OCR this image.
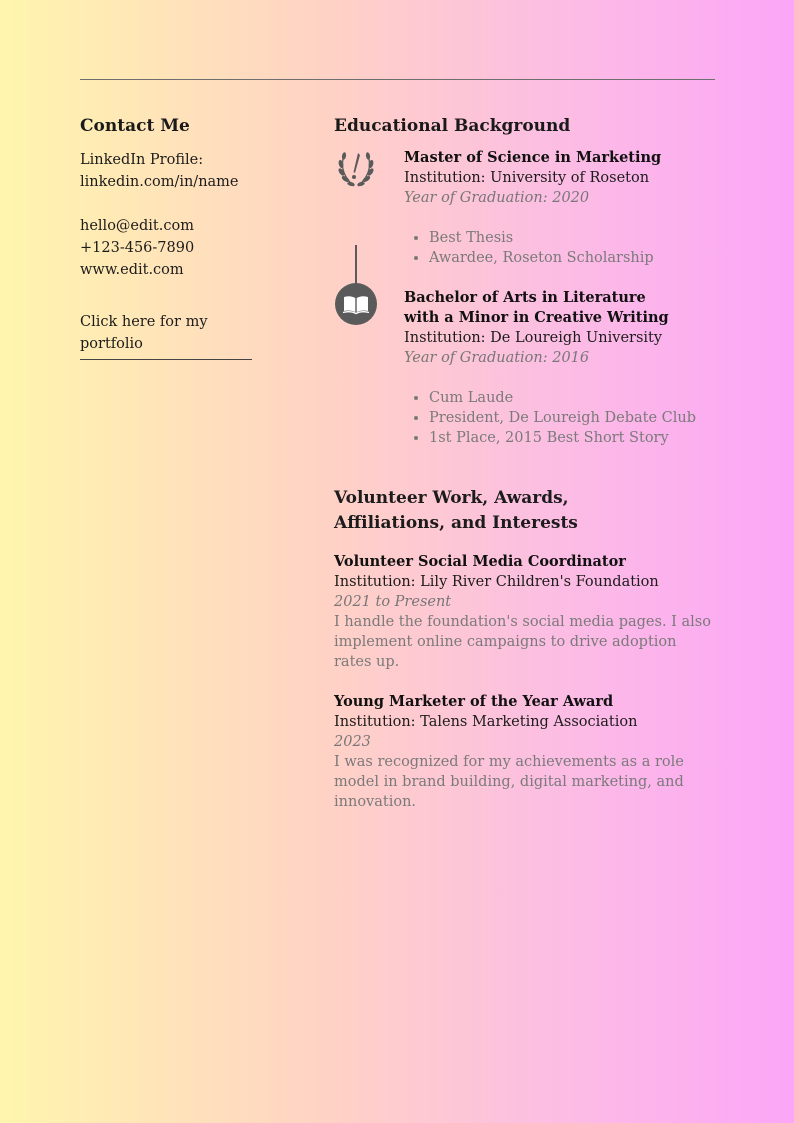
Contact Me
LinkedIn Profile:
linkedin.com/in/name
hello@edit.com
+123-456-7890
www.edit.com
Click here for my portfolio
Educational Background
Master of Science in Marketing
Institution: University of Roseton
Year of Graduation: 2020
• Best Thesis
• Awardee, Roseton Scholarship
Bachelor of Arts in Literature
with a Minor in Creative Writing
Institution: De Loureigh University
Year of Graduation: 2016
• Cum Laude
• President, De Loureigh Debate Club
• 1st Place, 2015 Best Short Story
Volunteer Work, Awards,
Affiliations, and Interests
Volunteer Social Media Coordinator
Institution: Lily River Children's Foundation
2021 to Present
I handle the foundation's social media pages. I also implement online campaigns to drive adoption rates up.
Young Marketer of the Year Award
Institution: Talens Marketing Association
2023
I was recognized for my achievements as a role model in brand building, digital marketing, and innovation.
